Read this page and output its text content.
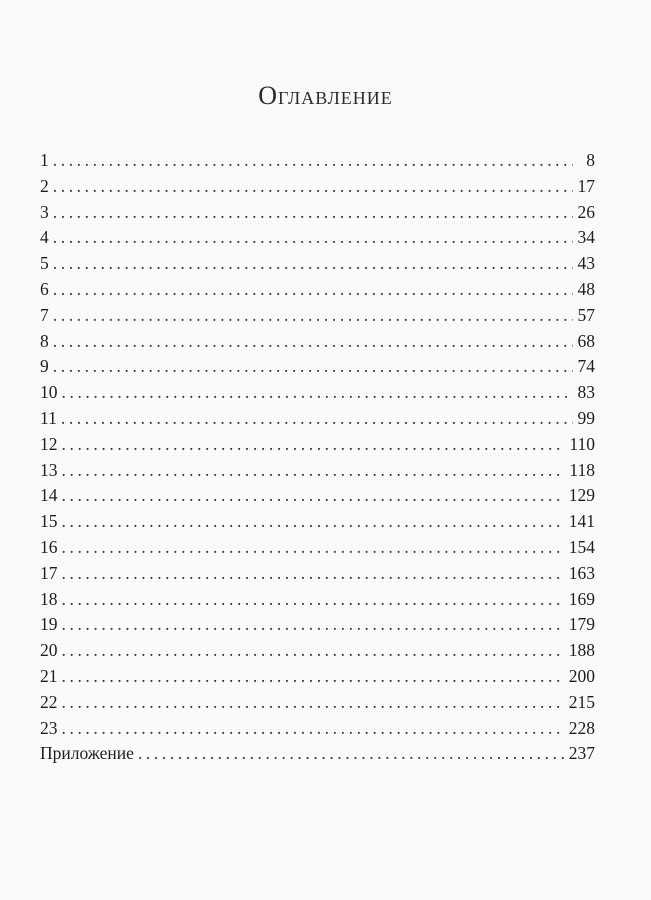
Оглавление
1 .....	8
2 .....	17
3 .....	26
4 .....	34
5 .....	43
6 .....	48
7 .....	57
8 .....	68
9 .....	74
10 .....	83
11 .....	99
12 .....	110
13 .....	118
14 .....	129
15 .....	141
16 .....	154
17 .....	163
18 .....	169
19 .....	179
20 .....	188
21 .....	200
22 .....	215
23 .....	228
Приложение .....	237
